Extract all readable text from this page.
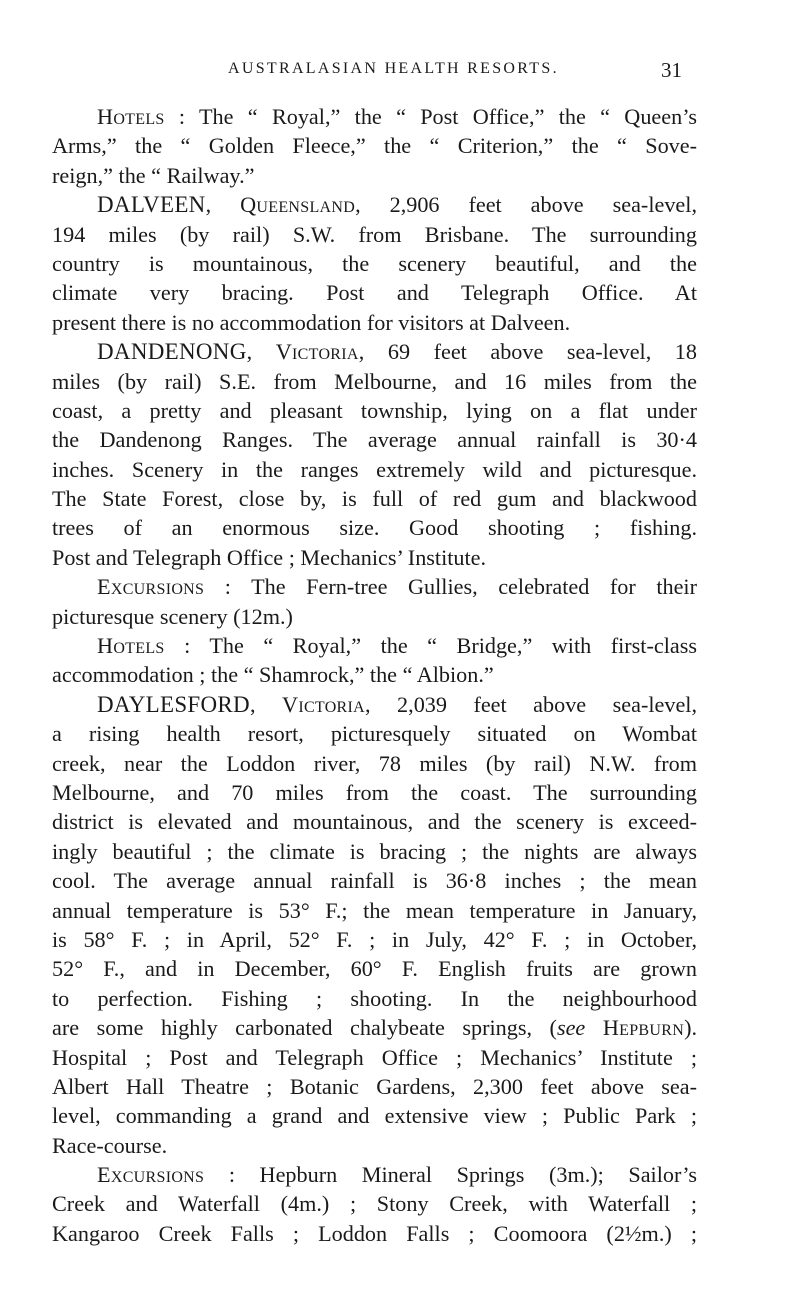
AUSTRALASIAN HEALTH RESORTS.	31
Hotels : The “ Royal,” the “ Post Office,” the “ Queen’s
Arms,” the “ Golden Fleece,” the “ Criterion,” the “ Sove-
reign,” the “ Railway.”
DALVEEN, Queensland, 2,906 feet above sea-level,
194 miles (by rail) S.W. from Brisbane. The surrounding
country is mountainous, the scenery beautiful, and the
climate very bracing. Post and Telegraph Office. At
present there is no accommodation for visitors at Dalveen.
DANDENONG, Victoria, 69 feet above sea-level, 18
miles (by rail) S.E. from Melbourne, and 16 miles from the
coast, a pretty and pleasant township, lying on a flat under
the Dandenong Ranges. The average annual rainfall is 30·4
inches. Scenery in the ranges extremely wild and picturesque.
The State Forest, close by, is full of red gum and blackwood
trees of an enormous size. Good shooting ; fishing.
Post and Telegraph Office ; Mechanics’ Institute.
Excursions : The Fern-tree Gullies, celebrated for their
picturesque scenery (12m.)
Hotels : The “ Royal,” the “ Bridge,” with first-class
accommodation ; the “ Shamrock,” the “ Albion.”
DAYLESFORD, Victoria, 2,039 feet above sea-level,
a rising health resort, picturesquely situated on Wombat
creek, near the Loddon river, 78 miles (by rail) N.W. from
Melbourne, and 70 miles from the coast. The surrounding
district is elevated and mountainous, and the scenery is exceed-
ingly beautiful ; the climate is bracing ; the nights are always
cool. The average annual rainfall is 36·8 inches ; the mean
annual temperature is 53° F.; the mean temperature in January,
is 58° F. ; in April, 52° F. ; in July, 42° F. ; in October,
52° F., and in December, 60° F. English fruits are grown
to perfection. Fishing ; shooting. In the neighbourhood
are some highly carbonated chalybeate springs, (see Hepburn).
Hospital ; Post and Telegraph Office ; Mechanics’ Institute ;
Albert Hall Theatre ; Botanic Gardens, 2,300 feet above sea-
level, commanding a grand and extensive view ; Public Park ;
Race-course.
Excursions : Hepburn Mineral Springs (3m.); Sailor’s
Creek and Waterfall (4m.) ; Stony Creek, with Waterfall ;
Kangaroo Creek Falls ; Loddon Falls ; Coomoora (2½m.) ;
